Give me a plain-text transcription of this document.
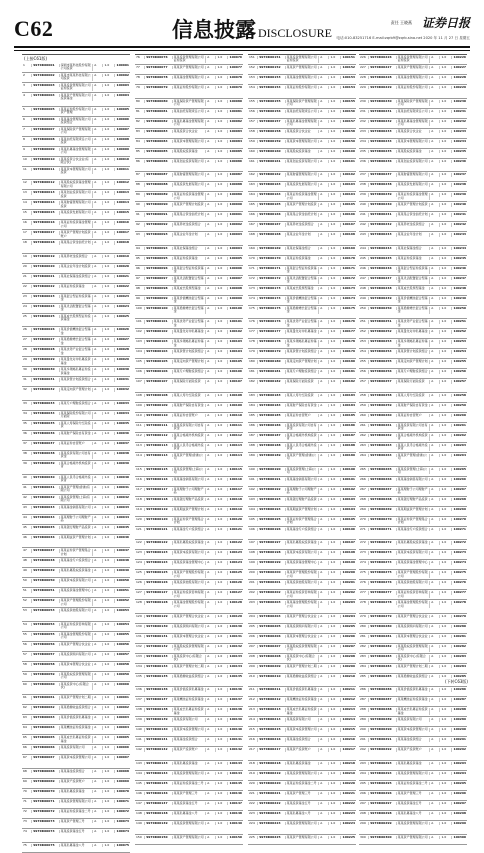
C62	信息披露 DISCLOSURE
责任 王晓燕 证券日报
电话:010-83251716 E-mail:zqrb9@zqrb.sina.net 2020 年 11 月 27 日 星期五
(上接C61版)
1	SSTXK00001	深圳市某科技股份有限公司投资
A	1.0	100001
2	SSTXK00002	某某市某某科技有限公司投资
A	1.0	100002
3	SSTXK00003	某某投资管理有限公司证券投资
A	1.0	100003
4	SSTXK00004	某某资产管理有限公司投资基金
A	1.0	100004
5	SSTXK00005	某某证券股份有限公司资产管理
A	1.0	100005
6	SSTXK00006	某某基金管理有限公司投资组合
A	1.0	100006
7	SSTXK00007	某某保险资产管理有限公司
A	1.0	100007
8	SSTXK00008	某某信托有限责任公司投资
A	1.0	100008
9	SSTXK00009	某某私募基金管理有限公司
A	1.0	100009
10	SSTXK00010	某某投资合伙企业(有限合伙)
A	1.0	100010
11	SSTXK00011	某某资本管理有限公司投资
A	1.0	100011
12	SSTXK00012	某某股权投资基金管理有限公司
A	1.0	100012
13	SSTXK00013	某某创业投资有限公司投资
A	1.0	100013
14	SSTXK00014	某某财富管理有限公司投资
A	1.0	100014
15	SSTXK00015	某某投资发展有限公司	A	1.0	100015
16	SSTXK00016	某某证券投资基金管理公司
A	1.0	100016
17	SSTXK00017	某某资产管理计划投资账户
A	1.0	100017
18	SSTXK00018	某某集合资金信托计划	A	1.0	100018
19	SSTXK00019	某某养老金投资组合	A	1.0	100019
20	SSTXK00020	某某企业年金计划投资	A	1.0	100020
21	SSTXK00021	某某社保基金投资组合	A	1.0	100021
22	SSTXK00022	某某证券投资基金	A	1.0	100022
23	SSTXK00023	某某混合型证券投资基金
A	1.0	100023
24	SSTXK00024	某某灵活配置混合型基金
A	1.0	100024
25	SSTXK00025	某某成长股票型证券投资基金
A	1.0	100025
26	SSTXK00026	某某价值精选混合型基金
A	1.0	100026
27	SSTXK00027	某某稳健增长混合型基金
A	1.0	100027
28	SSTXK00028	某某优势产业混合型基金
A	1.0	100028
29	SSTXK00029	某某量化对冲私募投资基金
A	1.0	100029
30	SSTXK00030	某某多策略私募证券投资基金
A	1.0	100030
31	SSTXK00031	某某资管计划投资组合	A	1.0	100031
32	SSTXK00032	某某定向资产管理计划	A	1.0	100032
33	SSTXK00033	某某专户理财投资组合	A	1.0	100033
34	SSTXK00034	某某保险股份有限公司万能险
A	1.0	100034
35	SSTXK00035	某某人寿保险分红险投资
A	1.0	100035
36	SSTXK00036	某某财产保险自有资金	A	1.0	100036
37	SSTXK00037	某某证券自营账户	A	1.0	100037
38	SSTXK00038	某某投资有限公司自有资金
A	1.0	100038
39	SSTXK00039	某某合格境外机构投资者
A	1.0	100039
40	SSTXK00040	某某人民币合格境外投资者
A	1.0	100040
41	SSTXK00041	某某资产管理(香港)有限公司
A	1.0	100041
42	SSTXK00042	某某投资管理(上海)有限公司
A	1.0	100042
43	SSTXK00043	某某基金销售有限公司	A	1.0	100043
44	SSTXK00044	某某理财子公司理财产品
A	1.0	100044
45	SSTXK00045	某某银行理财产品投资	A	1.0	100045
46	SSTXK00046	某某期货资产管理计划	A	1.0	100046
47	SSTXK00047	某某证券资产管理集合计划
A	1.0	100047
48	SSTXK00048	某某基金专户投资组合	A	1.0	100048
49	SSTXK00049	某某私募股权投资基金	A	1.0	100049
50	SSTXK00050	某某资本投资有限公司	A	1.0	100050
51	SSTXK00051	某某投资基金管理中心	A	1.0	100051
52	SSTXK00052	某某资产管理股份有限公司
A	1.0	100052
53	SSTXK00053	某某投资控股有限公司	A	1.0	100053
54	SSTXK00054	某某证券投资咨询有限公司
A	1.0	100054
55	SSTXK00055	某某基金管理股份有限公司
A	1.0	100055
56	SSTXK00056	某某资产管理合伙企业	A	1.0	100056
57	SSTXK00057	某某投资顾问有限公司	A	1.0	100057
58	SSTXK00058	某某资本管理合伙企业	A	1.0	100058
59	SSTXK00059	某某股权投资管理有限公司
A	1.0	100059
60	SSTXK00060	某某投资中心(有限合伙)
A	1.0	100060
61	SSTXK00061	某某资产管理计划二期	A	1.0	100061
62	SSTXK00062	某某稳健收益投资组合	A	1.0	100062
63	SSTXK00063	某某价值投资私募基金	A	1.0	100063
64	SSTXK00064	某某精选证券投资基金	A	1.0	100064
65	SSTXK00065	某某成长私募证券投资基金
A	1.0	100065
66	SSTXK00066	某某投资有限公司	A	1.0	100066
67	SSTXK00067	某某资本投资管理公司	A	1.0	100067
68	SSTXK00068	某某基金投资组合	A	1.0	100068
69	SSTXK00069	某某资产投资账户	A	1.0	100069
70	SSTXK00070	某某私募投资基金	A	1.0	100070
71	SSTXK00071	某某投资管理有限公司	A	1.0	100071
72	SSTXK00072	某某证券投资基金二号	A	1.0	100072
73	SSTXK00073	某某资产管理三号	A	1.0	100073
74	SSTXK00074	某某投资基金五号	A	1.0	100074
75	SSTXK00075	某某私募基金八号	A	1.0	100075
76	SSTXK00076	某某投资管理有限公司证券投资
A	1.0	100076
77	SSTXK00077	某某资产管理有限公司	A	1.0	100077
78	SSTXK00078	某某基金管理有限公司	A	1.0	100078
79	SSTXK00079	某某证券股份有限公司	A	1.0	100079
80	SSTXK00080	某某保险资产管理有限公司
A	1.0	100080
81	SSTXK00081	某某信托有限责任公司	A	1.0	100081
82	SSTXK00082	某某私募基金管理有限公司
A	1.0	100082
83	SSTXK00083	某某投资合伙企业	A	1.0	100083
84	SSTXK00084	某某资本管理有限公司	A	1.0	100084
85	SSTXK00085	某某股权投资基金	A	1.0	100085
86	SSTXK00086	某某创业投资有限公司	A	1.0	100086
87	SSTXK00087	某某财富管理有限公司	A	1.0	100087
88	SSTXK00088	某某投资发展有限公司	A	1.0	100088
89	SSTXK00089	某某证券投资基金管理公司
A	1.0	100089
90	SSTXK00090	某某资产管理计划投资	A	1.0	100090
91	SSTXK00091	某某集合资金信托计划	A	1.0	100091
92	SSTXK00092	某某养老金投资组合	A	1.0	100092
93	SSTXK00093	某某企业年金计划	A	1.0	100093
94	SSTXK00094	某某社保基金组合	A	1.0	100094
95	SSTXK00095	某某证券投资基金	A	1.0	100095
96	SSTXK00096	某某混合型证券投资基金
A	1.0	100096
97	SSTXK00097	某某灵活配置混合型基金
A	1.0	100097
98	SSTXK00098	某某成长股票型基金	A	1.0	100098
99	SSTXK00099	某某价值精选混合型基金
A	1.0	100099
100	SSTXK00100	某某稳健增长混合型基金
A	1.0	100100
101	SSTXK00101	某某优势产业混合型基金
A	1.0	100101
102	SSTXK00102	某某量化对冲私募基金	A	1.0	100102
103	SSTXK00103	某某多策略私募证券基金
A	1.0	100103
104	SSTXK00104	某某资管计划投资组合	A	1.0	100104
105	SSTXK00105	某某定向资产管理计划	A	1.0	100105
106	SSTXK00106	某某专户理财投资组合	A	1.0	100106
107	SSTXK00107	某某保险万能险投资	A	1.0	100107
108	SSTXK00108	某某人寿分红险投资	A	1.0	100108
109	SSTXK00109	某某财产保险自有资金	A	1.0	100109
110	SSTXK00110	某某证券自营账户	A	1.0	100110
111	SSTXK00111	某某投资有限公司自有资金
A	1.0	100111
112	SSTXK00112	某某合格境外机构投资者
A	1.0	100112
113	SSTXK00113	某某人民币合格境外投资者
A	1.0	100113
114	SSTXK00114	某某资产管理(香港)公司
A	1.0	100114
115	SSTXK00115	某某投资管理(上海)公司
A	1.0	100115
116	SSTXK00116	某某基金销售有限公司	A	1.0	100116
117	SSTXK00117	某某理财子公司理财产品
A	1.0	100117
118	SSTXK00118	某某银行理财产品投资	A	1.0	100118
119	SSTXK00119	某某期货资产管理计划	A	1.0	100119
120	SSTXK00120	某某证券资产管理集合计划
A	1.0	100120
121	SSTXK00121	某某基金专户投资组合	A	1.0	100121
122	SSTXK00122	某某私募股权投资基金	A	1.0	100122
123	SSTXK00123	某某资本投资有限公司	A	1.0	100123
124	SSTXK00124	某某投资基金管理中心	A	1.0	100124
125	SSTXK00125	某某资产管理股份有限公司
A	1.0	100125
126	SSTXK00126	某某投资控股有限公司	A	1.0	100126
127	SSTXK00127	某某证券投资咨询有限公司
A	1.0	100127
128	SSTXK00128	某某基金管理股份有限公司
A	1.0	100128
129	SSTXK00129	某某资产管理合伙企业	A	1.0	100129
130	SSTXK00130	某某投资顾问有限公司	A	1.0	100130
131	SSTXK00131	某某资本管理合伙企业	A	1.0	100131
132	SSTXK00132	某某股权投资管理有限公司
A	1.0	100132
133	SSTXK00133	某某投资中心(有限合伙)
A	1.0	100133
134	SSTXK00134	某某资产管理计划二期	A	1.0	100134
135	SSTXK00135	某某稳健收益投资组合	A	1.0	100135
136	SSTXK00136	某某价值投资私募基金	A	1.0	100136
137	SSTXK00137	某某精选证券投资基金	A	1.0	100137
138	SSTXK00138	某某成长私募证券投资基金
A	1.0	100138
139	SSTXK00139	某某投资有限公司	A	1.0	100139
140	SSTXK00140	某某资本投资管理公司	A	1.0	100140
141	SSTXK00141	某某基金投资组合	A	1.0	100141
142	SSTXK00142	某某资产投资账户	A	1.0	100142
143	SSTXK00143	某某私募投资基金	A	1.0	100143
144	SSTXK00144	某某投资管理有限公司	A	1.0	100144
145	SSTXK00145	某某证券投资基金二号	A	1.0	100145
146	SSTXK00146	某某资产管理三号	A	1.0	100146
147	SSTXK00147	某某投资基金五号	A	1.0	100147
148	SSTXK00148	某某私募基金八号	A	1.0	100148
149	SSTXK00149	某某投资管理有限公司	A	1.0	100149
150	SSTXK00150	某某资产管理有限公司	A	1.0	100150
151	SSTXK00151	某某投资管理有限公司证券投资
A	1.0	100151
152	SSTXK00152	某某资产管理有限公司	A	1.0	100152
153	SSTXK00153	某某基金管理有限公司	A	1.0	100153
154	SSTXK00154	某某证券股份有限公司	A	1.0	100154
155	SSTXK00155	某某保险资产管理有限公司
A	1.0	100155
156	SSTXK00156	某某信托有限责任公司	A	1.0	100156
157	SSTXK00157	某某私募基金管理有限公司
A	1.0	100157
158	SSTXK00158	某某投资合伙企业	A	1.0	100158
159	SSTXK00159	某某资本管理有限公司	A	1.0	100159
160	SSTXK00160	某某股权投资基金	A	1.0	100160
161	SSTXK00161	某某创业投资有限公司	A	1.0	100161
162	SSTXK00162	某某财富管理有限公司	A	1.0	100162
163	SSTXK00163	某某投资发展有限公司	A	1.0	100163
164	SSTXK00164	某某证券投资基金管理公司
A	1.0	100164
165	SSTXK00165	某某资产管理计划投资	A	1.0	100165
166	SSTXK00166	某某集合资金信托计划	A	1.0	100166
167	SSTXK00167	某某养老金投资组合	A	1.0	100167
168	SSTXK00168	某某企业年金计划	A	1.0	100168
169	SSTXK00169	某某社保基金组合	A	1.0	100169
170	SSTXK00170	某某证券投资基金	A	1.0	100170
171	SSTXK00171	某某混合型证券投资基金
A	1.0	100171
172	SSTXK00172	某某灵活配置混合型基金
A	1.0	100172
173	SSTXK00173	某某成长股票型基金	A	1.0	100173
174	SSTXK00174	某某价值精选混合型基金
A	1.0	100174
175	SSTXK00175	某某稳健增长混合型基金
A	1.0	100175
176	SSTXK00176	某某优势产业混合型基金
A	1.0	100176
177	SSTXK00177	某某量化对冲私募基金	A	1.0	100177
178	SSTXK00178	某某多策略私募证券基金
A	1.0	100178
179	SSTXK00179	某某资管计划投资组合	A	1.0	100179
180	SSTXK00180	某某定向资产管理计划	A	1.0	100180
181	SSTXK00181	某某专户理财投资组合	A	1.0	100181
182	SSTXK00182	某某保险万能险投资	A	1.0	100182
183	SSTXK00183	某某人寿分红险投资	A	1.0	100183
184	SSTXK00184	某某财产保险自有资金	A	1.0	100184
185	SSTXK00185	某某证券自营账户	A	1.0	100185
186	SSTXK00186	某某投资有限公司自有资金
A	1.0	100186
187	SSTXK00187	某某合格境外机构投资者
A	1.0	100187
188	SSTXK00188	某某人民币合格境外投资者
A	1.0	100188
189	SSTXK00189	某某资产管理(香港)公司
A	1.0	100189
190	SSTXK00190	某某投资管理(上海)公司
A	1.0	100190
191	SSTXK00191	某某基金销售有限公司	A	1.0	100191
192	SSTXK00192	某某理财子公司理财产品
A	1.0	100192
193	SSTXK00193	某某银行理财产品投资	A	1.0	100193
194	SSTXK00194	某某期货资产管理计划	A	1.0	100194
195	SSTXK00195	某某证券资产管理集合计划
A	1.0	100195
196	SSTXK00196	某某基金专户投资组合	A	1.0	100196
197	SSTXK00197	某某私募股权投资基金	A	1.0	100197
198	SSTXK00198	某某资本投资有限公司	A	1.0	100198
199	SSTXK00199	某某投资基金管理中心	A	1.0	100199
200	SSTXK00200	某某资产管理股份有限公司
A	1.0	100200
201	SSTXK00201	某某投资控股有限公司	A	1.0	100201
202	SSTXK00202	某某证券投资咨询有限公司
A	1.0	100202
203	SSTXK00203	某某基金管理股份有限公司
A	1.0	100203
204	SSTXK00204	某某资产管理合伙企业	A	1.0	100204
205	SSTXK00205	某某投资顾问有限公司	A	1.0	100205
206	SSTXK00206	某某资本管理合伙企业	A	1.0	100206
207	SSTXK00207	某某股权投资管理有限公司
A	1.0	100207
208	SSTXK00208	某某投资中心(有限合伙)
A	1.0	100208
209	SSTXK00209	某某资产管理计划二期	A	1.0	100209
210	SSTXK00210	某某稳健收益投资组合	A	1.0	100210
211	SSTXK00211	某某价值投资私募基金	A	1.0	100211
212	SSTXK00212	某某精选证券投资基金	A	1.0	100212
213	SSTXK00213	某某成长私募证券投资基金
A	1.0	100213
214	SSTXK00214	某某投资有限公司	A	1.0	100214
215	SSTXK00215	某某资本投资管理公司	A	1.0	100215
216	SSTXK00216	某某基金投资组合	A	1.0	100216
217	SSTXK00217	某某资产投资账户	A	1.0	100217
218	SSTXK00218	某某私募投资基金	A	1.0	100218
219	SSTXK00219	某某投资管理有限公司	A	1.0	100219
220	SSTXK00220	某某证券投资基金二号	A	1.0	100220
221	SSTXK00221	某某资产管理三号	A	1.0	100221
222	SSTXK00222	某某投资基金五号	A	1.0	100222
223	SSTXK00223	某某私募基金八号	A	1.0	100223
224	SSTXK00224	某某投资管理有限公司	A	1.0	100224
225	SSTXK00225	某某资产管理有限公司	A	1.0	100225
226	SSTXK00226	某某投资管理有限公司证券投资
A	1.0	100226
227	SSTXK00227	某某资产管理有限公司	A	1.0	100227
228	SSTXK00228	某某基金管理有限公司	A	1.0	100228
229	SSTXK00229	某某证券股份有限公司	A	1.0	100229
230	SSTXK00230	某某保险资产管理有限公司
A	1.0	100230
231	SSTXK00231	某某信托有限责任公司	A	1.0	100231
232	SSTXK00232	某某私募基金管理有限公司
A	1.0	100232
233	SSTXK00233	某某投资合伙企业	A	1.0	100233
234	SSTXK00234	某某资本管理有限公司	A	1.0	100234
235	SSTXK00235	某某股权投资基金	A	1.0	100235
236	SSTXK00236	某某创业投资有限公司	A	1.0	100236
237	SSTXK00237	某某财富管理有限公司	A	1.0	100237
238	SSTXK00238	某某投资发展有限公司	A	1.0	100238
239	SSTXK00239	某某证券投资基金管理公司
A	1.0	100239
240	SSTXK00240	某某资产管理计划投资	A	1.0	100240
241	SSTXK00241	某某集合资金信托计划	A	1.0	100241
242	SSTXK00242	某某养老金投资组合	A	1.0	100242
243	SSTXK00243	某某企业年金计划	A	1.0	100243
244	SSTXK00244	某某社保基金组合	A	1.0	100244
245	SSTXK00245	某某证券投资基金	A	1.0	100245
246	SSTXK00246	某某混合型证券投资基金
A	1.0	100246
247	SSTXK00247	某某灵活配置混合型基金
A	1.0	100247
248	SSTXK00248	某某成长股票型基金	A	1.0	100248
249	SSTXK00249	某某价值精选混合型基金
A	1.0	100249
250	SSTXK00250	某某稳健增长混合型基金
A	1.0	100250
251	SSTXK00251	某某优势产业混合型基金
A	1.0	100251
252	SSTXK00252	某某量化对冲私募基金	A	1.0	100252
253	SSTXK00253	某某多策略私募证券基金
A	1.0	100253
254	SSTXK00254	某某资管计划投资组合	A	1.0	100254
255	SSTXK00255	某某定向资产管理计划	A	1.0	100255
256	SSTXK00256	某某专户理财投资组合	A	1.0	100256
257	SSTXK00257	某某保险万能险投资	A	1.0	100257
258	SSTXK00258	某某人寿分红险投资	A	1.0	100258
259	SSTXK00259	某某财产保险自有资金	A	1.0	100259
260	SSTXK00260	某某证券自营账户	A	1.0	100260
261	SSTXK00261	某某投资有限公司自有资金
A	1.0	100261
262	SSTXK00262	某某合格境外机构投资者
A	1.0	100262
263	SSTXK00263	某某人民币合格境外投资者
A	1.0	100263
264	SSTXK00264	某某资产管理(香港)公司
A	1.0	100264
265	SSTXK00265	某某投资管理(上海)公司
A	1.0	100265
266	SSTXK00266	某某基金销售有限公司	A	1.0	100266
267	SSTXK00267	某某理财子公司理财产品
A	1.0	100267
268	SSTXK00268	某某银行理财产品投资	A	1.0	100268
269	SSTXK00269	某某期货资产管理计划	A	1.0	100269
270	SSTXK00270	某某证券资产管理集合计划
A	1.0	100270
271	SSTXK00271	某某基金专户投资组合	A	1.0	100271
272	SSTXK00272	某某私募股权投资基金	A	1.0	100272
273	SSTXK00273	某某资本投资有限公司	A	1.0	100273
274	SSTXK00274	某某投资基金管理中心	A	1.0	100274
275	SSTXK00275	某某资产管理股份有限公司
A	1.0	100275
276	SSTXK00276	某某投资控股有限公司	A	1.0	100276
277	SSTXK00277	某某证券投资咨询有限公司
A	1.0	100277
278	SSTXK00278	某某基金管理股份有限公司
A	1.0	100278
279	SSTXK00279	某某资产管理合伙企业	A	1.0	100279
280	SSTXK00280	某某投资顾问有限公司	A	1.0	100280
281	SSTXK00281	某某资本管理合伙企业	A	1.0	100281
282	SSTXK00282	某某股权投资管理有限公司
A	1.0	100282
283	SSTXK00283	某某投资中心(有限合伙)
A	1.0	100283
284	SSTXK00284	某某资产管理计划二期	A	1.0	100284
285	SSTXK00285	某某稳健收益投资组合	A	1.0	100285
286	SSTXK00286	某某价值投资私募基金	A	1.0	100286
287	SSTXK00287	某某精选证券投资基金	A	1.0	100287
288	SSTXK00288	某某成长私募证券投资基金
A	1.0	100288
289	SSTXK00289	某某投资有限公司	A	1.0	100289
290	SSTXK00290	某某资本投资管理公司	A	1.0	100290
291	SSTXK00291	某某基金投资组合	A	1.0	100291
292	SSTXK00292	某某资产投资账户	A	1.0	100292
293	SSTXK00293	某某私募投资基金	A	1.0	100293
294	SSTXK00294	某某投资管理有限公司	A	1.0	100294
295	SSTXK00295	某某证券投资基金二号	A	1.0	100295
296	SSTXK00296	某某资产管理三号	A	1.0	100296
297	SSTXK00297	某某投资基金五号	A	1.0	100297
298	SSTXK00298	某某私募基金八号	A	1.0	100298
299	SSTXK00299	某某投资管理有限公司	A	1.0	100299
300	SSTXK00300	某某资产管理有限公司	A	1.0	100300
(下转C63版)
